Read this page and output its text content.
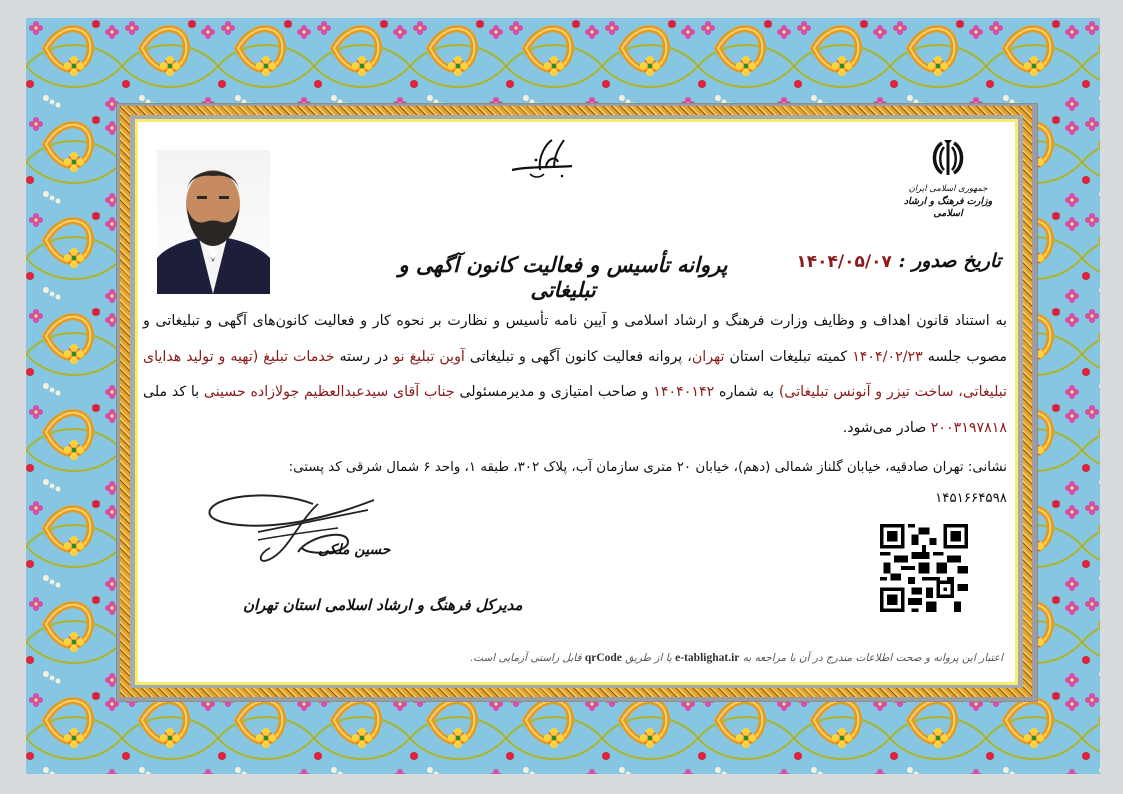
جمهوری اسلامی ایران
وزارت فرهنگ و ارشاد اسلامی
تاریخ صدور : ۱۴۰۴/۰۵/۰۷
پروانه تأسیس و فعالیت کانون آگهی و تبلیغاتی
به استناد قانون اهداف و وظایف وزارت فرهنگ و ارشاد اسلامی و آیین نامه تأسیس و نظارت بر نحوه کار و فعالیت کانون‌های آگهی و تبلیغاتی و مصوب جلسه ۱۴۰۴/۰۲/۲۳ کمیته تبلیغات استان تهران، پروانه فعالیت کانون آگهی و تبلیغاتی آوین تبلیغ نو در رسته خدمات تبلیغ (تهیه و تولید هدایای تبلیغاتی، ساخت تیزر و آنونس تبلیغاتی) به شماره ۱۴۰۴۰۱۴۲ و صاحب امتیازی و مدیرمسئولی جناب آقای سیدعبدالعظیم جولازاده حسینی با کد ملی ۲۰۰۳۱۹۷۸۱۸ صادر می‌شود.
نشانی: تهران صادقیه، خیابان گلناز شمالی (دهم)، خیابان ۲۰ متری سازمان آب، پلاک ۳۰۲، طبقه ۱، واحد ۶ شمال شرقی کد پستی:
۱۴۵۱۶۶۴۵۹۸
حسین ملکی
مدیرکل فرهنگ و ارشاد اسلامی استان تهران
اعتبار این پروانه و صحت اطلاعات مندرج در آن با مراجعه به e-tablighat.ir یا از طریق qrCode قابل راستی آزمایی است.
